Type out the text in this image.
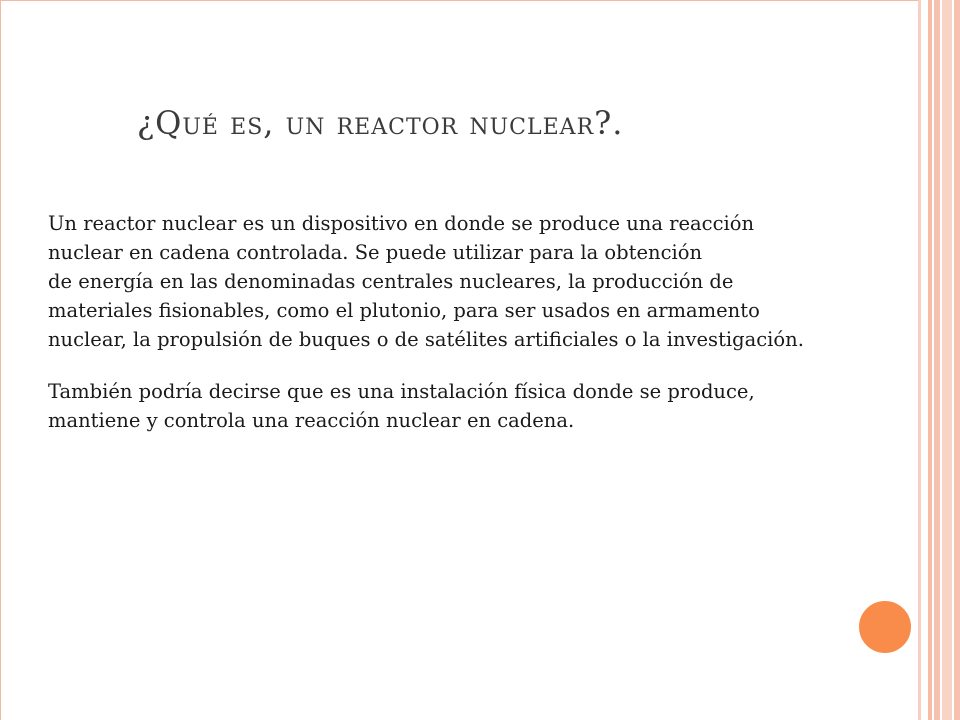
¿Qué es, un reactor nuclear?.
Un reactor nuclear es un dispositivo en donde se produce una reacción
nuclear en cadena controlada. Se puede utilizar para la obtención
de energía en las denominadas centrales nucleares, la producción de
materiales fisionables, como el plutonio, para ser usados en armamento
nuclear, la propulsión de buques o de satélites artificiales o la investigación.
También podría decirse que es una instalación física donde se produce,
mantiene y controla una reacción nuclear en cadena.
